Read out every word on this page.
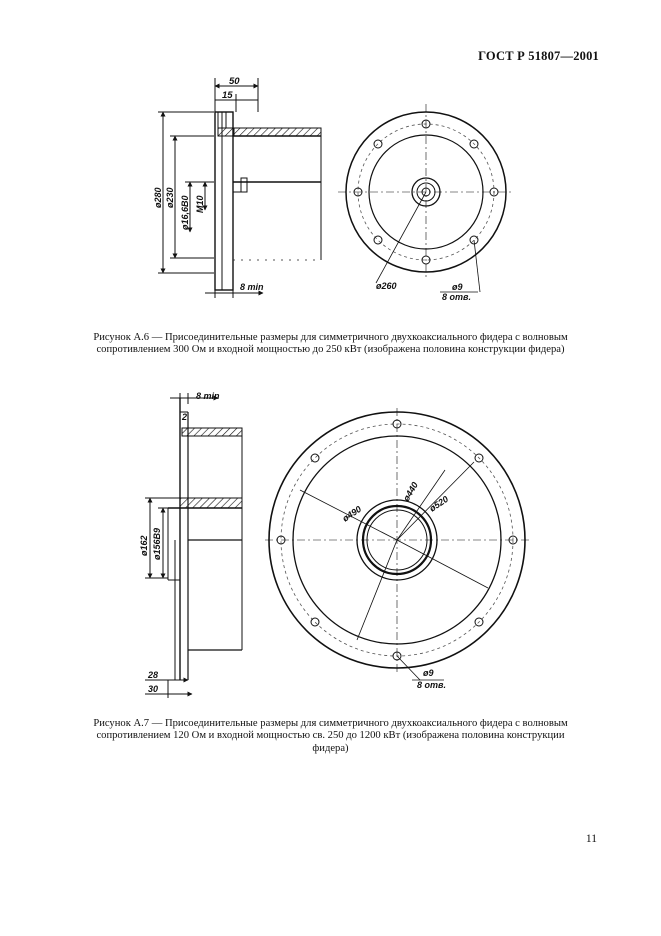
ГОСТ Р 51807—2001
50
15
ø280 ø230 ø16,6В0 М10
8 min	ø260	ø9
8 отв.
Рисунок А.6 — Присоединительные размеры для симметричного двухкоаксиального фидера с волновым сопротивлением 300 Ом и входной мощностью до 250 кВт (изображена половина конструкции фидера)
8 min
2
ø162 ø156В9
28
30
ø490
ø440
ø520
ø9
8 отв.
Рисунок А.7 — Присоединительные размеры для симметричного двухкоаксиального фидера с волновым сопротивлением 120 Ом и входной мощностью св. 250 до 1200 кВт (изображена половина конструкции фидера)
11
